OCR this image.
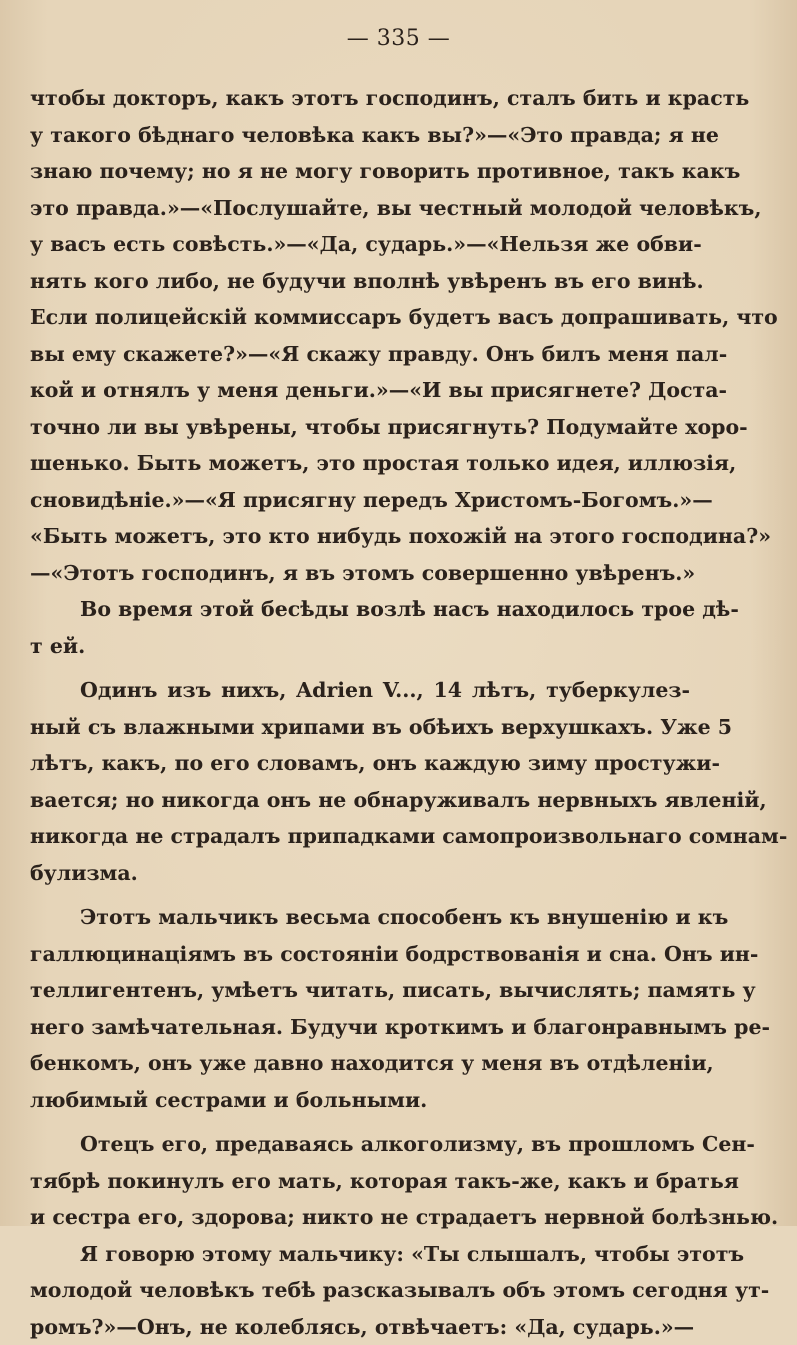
— 335 —
чтобы докторъ, какъ этотъ господинъ, сталъ бить и красть
у такого бѣднаго человѣка какъ вы?»—«Это правда; я не
знаю почему; но я не могу говорить противное, такъ какъ
это правда.»—«Послушайте, вы честный молодой человѣкъ,
у васъ есть совѣсть.»—«Да, сударь.»—«Нельзя же обви-
нять кого либо, не будучи вполнѣ увѣренъ въ его винѣ.
Если полицейскій коммиссаръ будетъ васъ допрашивать, что
вы ему скажете?»—«Я скажу правду. Онъ билъ меня пал-
кой и отнялъ у меня деньги.»—«И вы присягнете? Доста-
точно ли вы увѣрены, чтобы присягнуть? Подумайте хоро-
шенько. Быть можетъ, это простая только идея, иллюзія,
сновидѣніе.»—«Я присягну передъ Христомъ-Богомъ.»—
«Быть можетъ, это кто нибудь похожій на этого господина?»
—«Этотъ господинъ, я въ этомъ совершенно увѣренъ.»
Во время этой бесѣды возлѣ насъ находилось трое дѣ-
т ей.
Одинъ изъ нихъ, Adrien V..., 14 лѣтъ, туберкулез-
ный съ влажными хрипами въ обѣихъ верхушкахъ. Уже 5
лѣтъ, какъ, по его словамъ, онъ каждую зиму простужи-
вается; но никогда онъ не обнаруживалъ нервныхъ явленій,
никогда не страдалъ припадками самопроизвольнаго сомнам-
булизма.
Этотъ мальчикъ весьма способенъ къ внушенію и къ
галлюцинаціямъ въ состояніи бодрствованія и сна. Онъ ин-
теллигентенъ, умѣетъ читать, писать, вычислять; память у
него замѣчательная. Будучи кроткимъ и благонравнымъ ре-
бенкомъ, онъ уже давно находится у меня въ отдѣленіи,
любимый сестрами и больными.
Отецъ его, предаваясь алкоголизму, въ прошломъ Сен-
тябрѣ покинулъ его мать, которая такъ-же, какъ и братья
и сестра его, здорова; никто не страдаетъ нервной болѣзнью.
Я говорю этому мальчику: «Ты слышалъ, чтобы этотъ
молодой человѣкъ тебѣ разсказывалъ объ этомъ сегодня ут-
ромъ?»—Онъ, не колеблясь, отвѣчаетъ: «Да, сударь.»—
